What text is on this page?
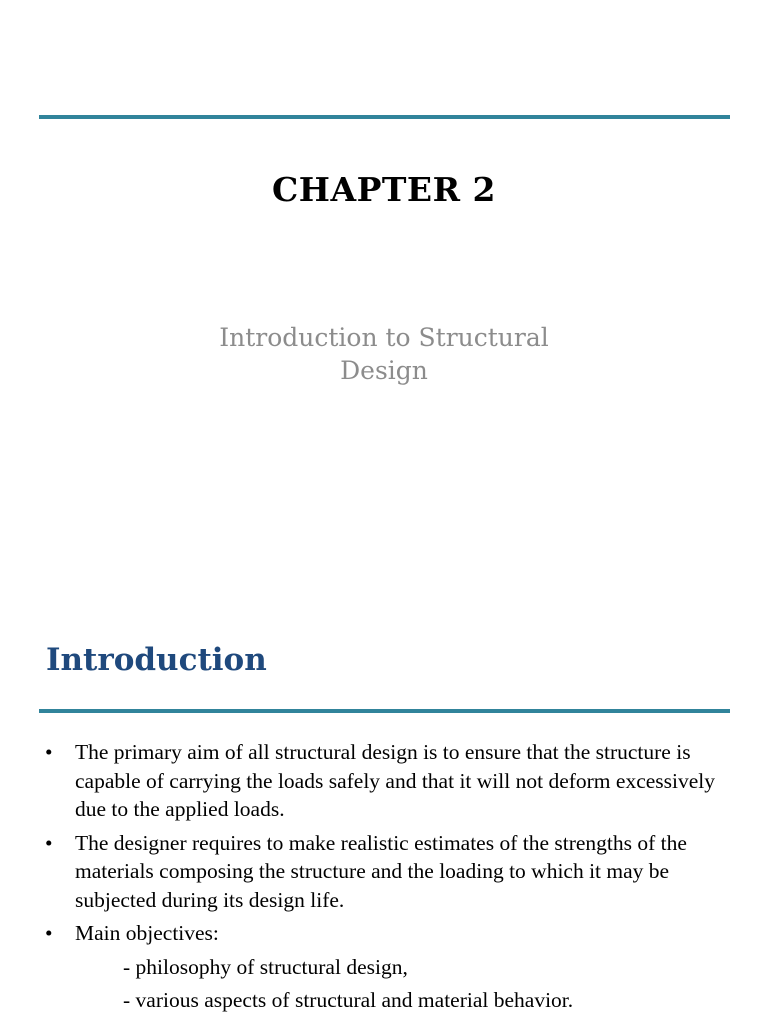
CHAPTER 2
Introduction to Structural
Design
Introduction
• The primary aim of all structural design is to ensure that the structure is capable of carrying the loads safely and that it will not deform excessively due to the applied loads.
• The designer requires to make realistic estimates of the strengths of the materials composing the structure and the loading to which it may be subjected during its design life.
• Main objectives:
- philosophy of structural design,
- various aspects of structural and material behavior.
